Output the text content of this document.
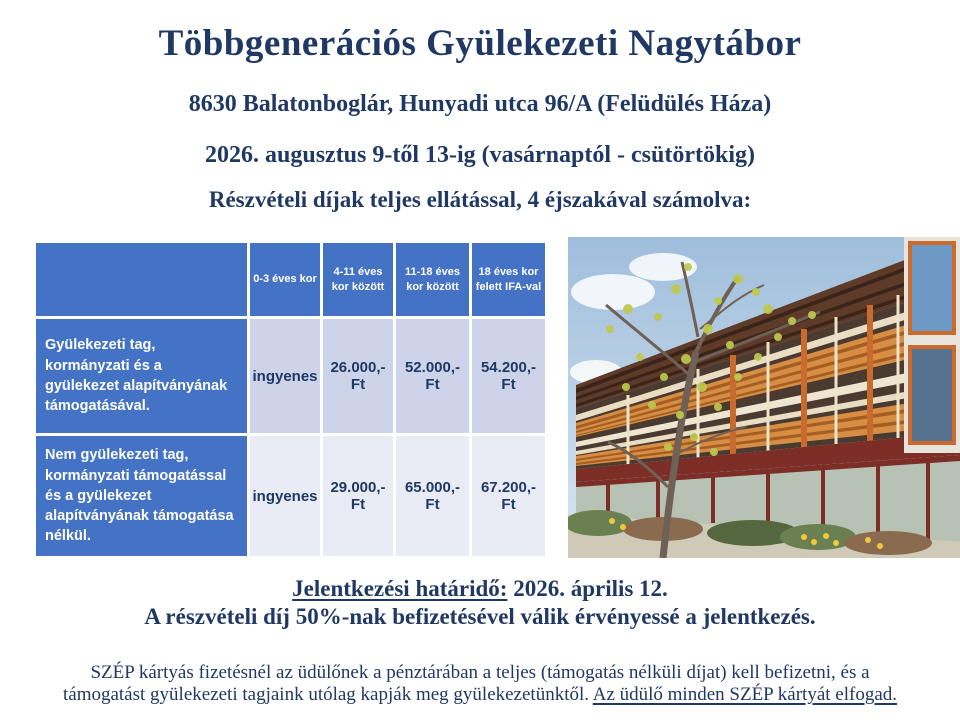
Többgenerációs Gyülekezeti Nagytábor
8630 Balatonboglár, Hunyadi utca 96/A (Felüdülés Háza)
2026. augusztus 9-től 13-ig (vasárnaptól - csütörtökig)
Részvételi díjak teljes ellátással, 4 éjszakával számolva:
	0-3 éves kor	4-11 éves kor között	11-18 éves kor között	18 éves kor felett IFA-val
Gyülekezeti tag, kormányzati és a gyülekezet alapítványának támogatásával.	ingyenes	26.000,-Ft	52.000,-Ft	54.200,-Ft
Nem gyülekezeti tag, kormányzati támogatással és a gyülekezet alapítványának támogatása nélkül.	ingyenes	29.000,-Ft	65.000,-Ft	67.200,-Ft
Jelentkezési határidő: 2026. április 12.
A részvételi díj 50%-nak befizetésével válik érvényessé a jelentkezés.

SZÉP kártyás fizetésnél az üdülőnek a pénztárában a teljes (támogatás nélküli díjat) kell befizetni, és a támogatást gyülekezeti tagjaink utólag kapják meg gyülekezetünktől. Az üdülő minden SZÉP kártyát elfogad.
